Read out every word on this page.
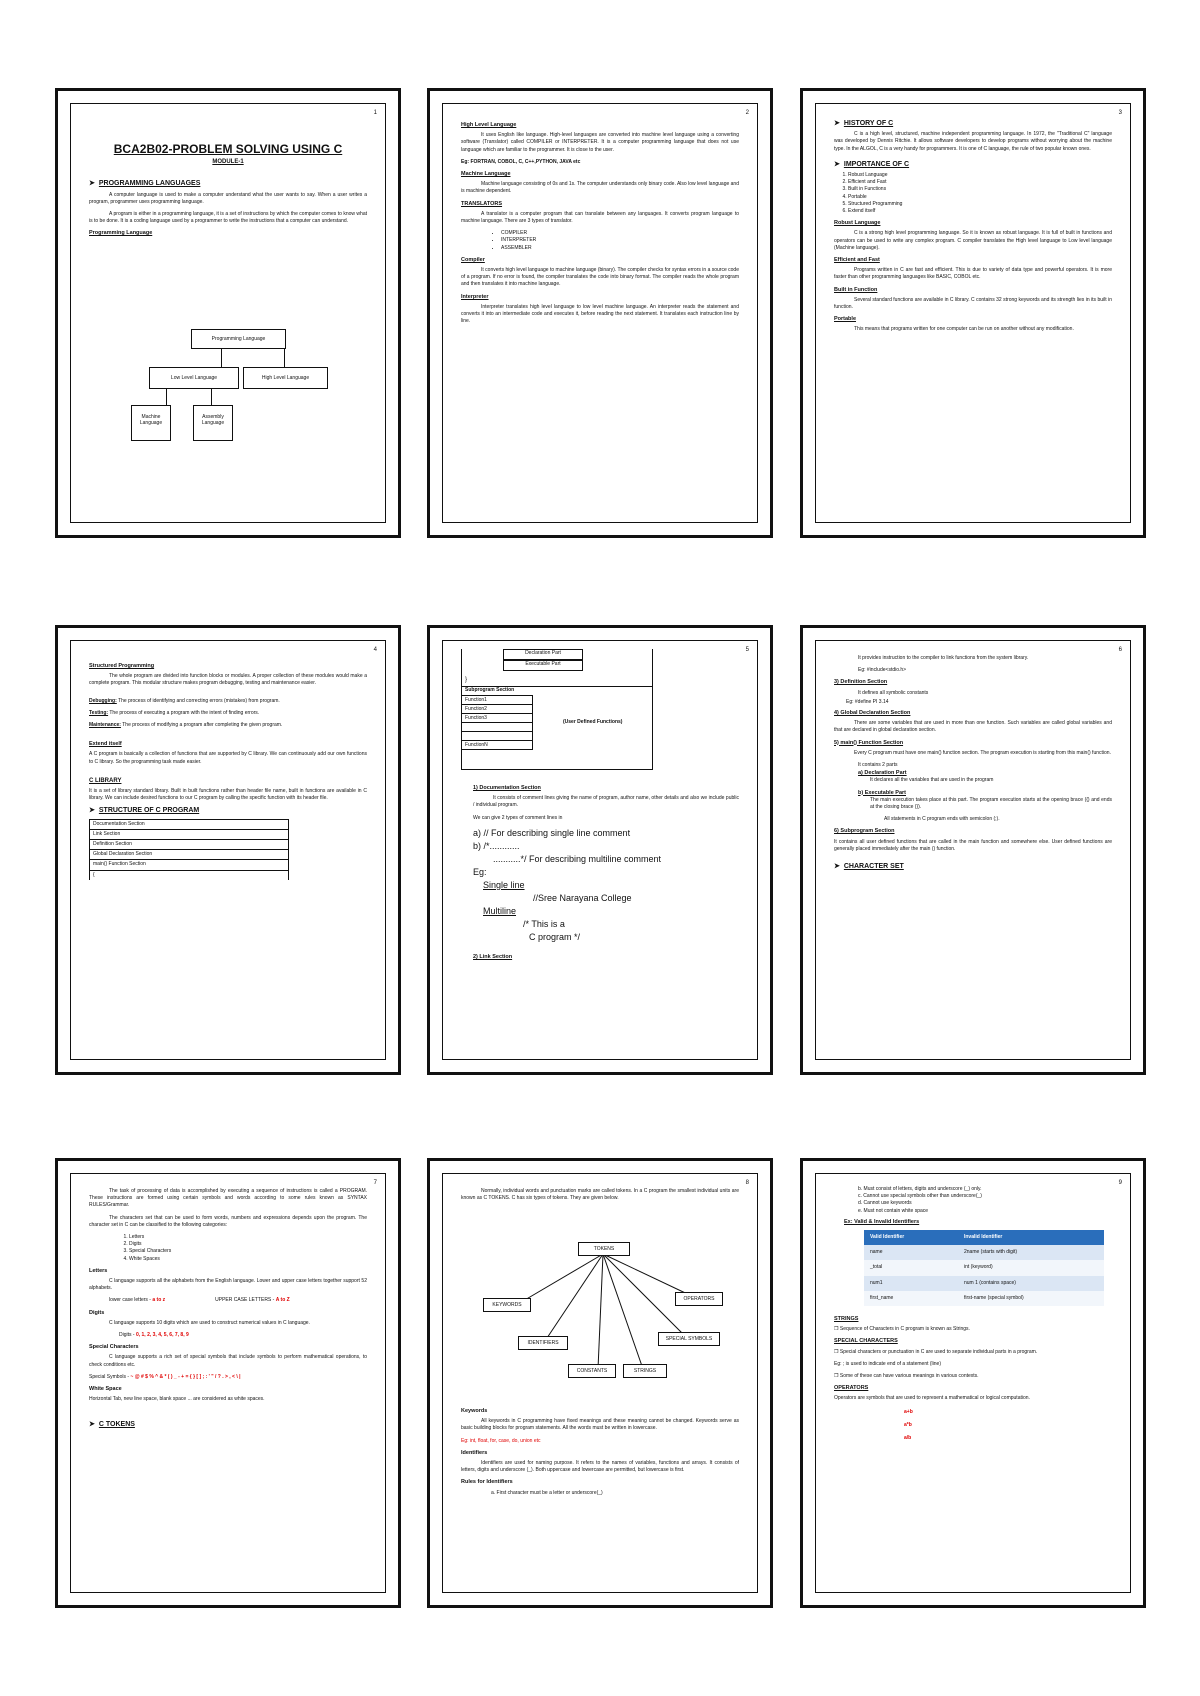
1
BCA2B02-PROBLEM SOLVING USING C
MODULE-1
➤ PROGRAMMING LANGUAGES

A computer language is used to make a computer understand what the user wants to say. When a user writes a program, programmer uses programming language.

A program is either in a programming language, it is a set of instructions by which the computer comes to know what is to be done. It is a coding language used by a programmer to write the instructions that a computer can understand.

Programming Language
Programming Language
Low Level Language	High Level Language
Machine Language
Assembly Language
2
High Level Language

It uses English like language. High-level languages are converted into machine level language using a converting software (Translator) called COMPILER or INTERPRETER. It is a computer programming language that does not use language which are familiar to the programmer. It is close to the user.

Eg: FORTRAN, COBOL, C, C++,PYTHON, JAVA etc

Machine Language

Machine language consisting of 0s and 1s. The computer understands only binary code. Also low level language and is machine dependent.

TRANSLATORS

A translator is a computer program that can translate between any languages. It converts program language to machine language. There are 3 types of translator.

• COMPILER
• INTERPRETER
• ASSEMBLER
Compiler

It converts high level language to machine language (binary). The compiler checks for syntax errors in a source code of a program. If no error is found, the compiler translates the code into binary format. The compiler reads the whole program and then translates it into machine language.

Interpreter

Interpreter translates high level language to low level machine language. An interpreter reads the statement and converts it into an intermediate code and executes it, before reading the next statement. It translates each instruction line by line.

3
➤ HISTORY OF C

C is a high level, structured, machine independent programming language. In 1972, the "Traditional C" language was developed by Dennis Ritchie. It allows software developers to develop programs without worrying about the machine type. In the ALGOL, C is a very handy for programmers. It is one of C language, the rule of two popular known ones.

➤ IMPORTANCE OF C
1. Robust Language
2. Efficient and Fast
3. Built in Functions
4. Portable
5. Structured Programming
6. Extend itself
Robust Language

C is a strong high level programming language. So it is known as robust language. It is full of built in functions and operators can be used to write any complex program. C compiler translates the High level language to Low level language (Machine language).

Efficient and Fast

Programs written in C are fast and efficient. This is due to variety of data type and powerful operators. It is more faster than other programming languages like BASIC, COBOL etc.

Built in Function

Several standard functions are available in C library. C contains 32 strong keywords and its strength lies in its built in function.

Portable

This means that programs written for one computer can be run on another without any modification.

4
Structured Programming

The whole program are divided into function blocks or modules. A proper collection of these modules would make a complete program. This modular structure makes program debugging, testing and maintenance easier.

Debugging: The process of identifying and correcting errors (mistakes) from program.

Testing: The process of executing a program with the intent of finding errors.

Maintenance: The process of modifying a program after completing the given program.

Extend itself

A C program is basically a collection of functions that are supported by C library. We can continuously add our own functions to C library. So the programming task made easier.

C LIBRARY

It is a set of library standard library. Built in built functions rather than header file name, built in functions are available in C library. We can include desired functions to our C program by calling the specific function with its header file.

➤ STRUCTURE OF C PROGRAM
Documentation Section
Link Section
Definition Section
Global Declaration Section
main() Function Section
{
5
Declaration Part
Executable Part
}
Subprogram Section
Function1
Function2
Function3

FunctionN
(User Defined Functions)
1) Documentation Section

It consists of comment lines giving the name of program, author name, other details and also we include public / individual program.

We can give 2 types of comment lines in

a) // For describing single line comment
b) /*............
...........*/ For describing multiline comment
Eg:
Single line
//Sree Narayana College
Multiline
/* This is a
C program */
2) Link Section
6

It provides instruction to the compiler to link functions from the system library.

Eg: #include<stdio.h>

3) Definition Section

It defines all symbolic constants

Eg: #define PI 3.14

4) Global Declaration Section

There are some variables that are used in more than one function. Such variables are called global variables and that are declared in global declaration section.

5) main() Function Section

Every C program must have one main() function section. The program execution is starting from this main() function.

It contains 2 parts

a) Declaration Part

It declares all the variables that are used in the program

b) Executable Part

The main execution takes place at this part. The program execution starts at the opening brace ({) and ends at the closing brace (}).

All statements in C program ends with semicolon (;).

6) Subprogram Section

It contains all user defined functions that are called in the main function and somewhere else. User defined functions are generally placed immediately after the main () function.

➤ CHARACTER SET
7

The task of processing of data is accomplished by executing a sequence of instructions is called a PROGRAM. These instructions are formed using certain symbols and words according to some rules known as SYNTAX RULES/Grammar.

The characters set that can be used to form words, numbers and expressions depends upon the program. The character set in C can be classified to the following categories:

1. Letters
2. Digits
3. Special Characters
4. White Spaces
Letters

C language supports all the alphabets from the English language. Lower and upper case letters together support 52 alphabets.

lower case letters - a to z	UPPER CASE LETTERS - A to Z

Digits

C language supports 10 digits which are used to construct numerical values in C language.

Digits - 0, 1, 2, 3, 4, 5, 6, 7, 8, 9

Special Characters

C language supports a rich set of special symbols that include symbols to perform mathematical operations, to check conditions etc.

Special Symbols - ~ @ # $ % ^ & * ( ) _ - + = { } [ ] ; : ' " / ? . > , < \ |

White Space

Horizontal Tab, new line space, blank space ... are considered as white spaces.

➤ C TOKENS
8

Normally, individual words and punctuation marks are called tokens. In a C program the smallest individual units are known as C TOKENS. C has six types of tokens. They are given below.

TOKENS
KEYWORDS
IDENTIFIERS
CONSTANTS	STRINGS
SPECIAL SYMBOLS
OPERATORS
Keywords

All keywords in C programming have fixed meanings and these meaning cannot be changed. Keywords serve as basic building blocks for program statements. All the words must be written in lowercase.

Eg: int, float, for, case, do, union etc

Identifiers

Identifiers are used for naming purpose. It refers to the names of variables, functions and arrays. It consists of letters, digits and underscore (_). Both uppercase and lowercase are permitted, but lowercase is first.

Rules for Identifiers

a. First character must be a letter or underscore(_)

9
b. Must consist of letters, digits and underscore (_) only.
c. Cannot use special symbols other than underscore(_)
d. Cannot use keywords
e. Must not contain white space
Ex: Valid & Invalid Identifiers
Valid Identifier	Invalid Identifier
name	2name (starts with digit)
_total	int (keyword)
num1	num 1 (contains space)
first_name	first-name (special symbol)
STRINGS

❒ Sequence of Characters in C program is known as Strings.

SPECIAL CHARACTERS

❒ Special characters or punctuation in C are used to separate individual parts in a program.

Eg: ; is used to indicate end of a statement (line)

❒ Some of these can have various meanings in various contexts.

OPERATORS

Operators are symbols that are used to represent a mathematical or logical computation.

a+b
a*b
a/b
